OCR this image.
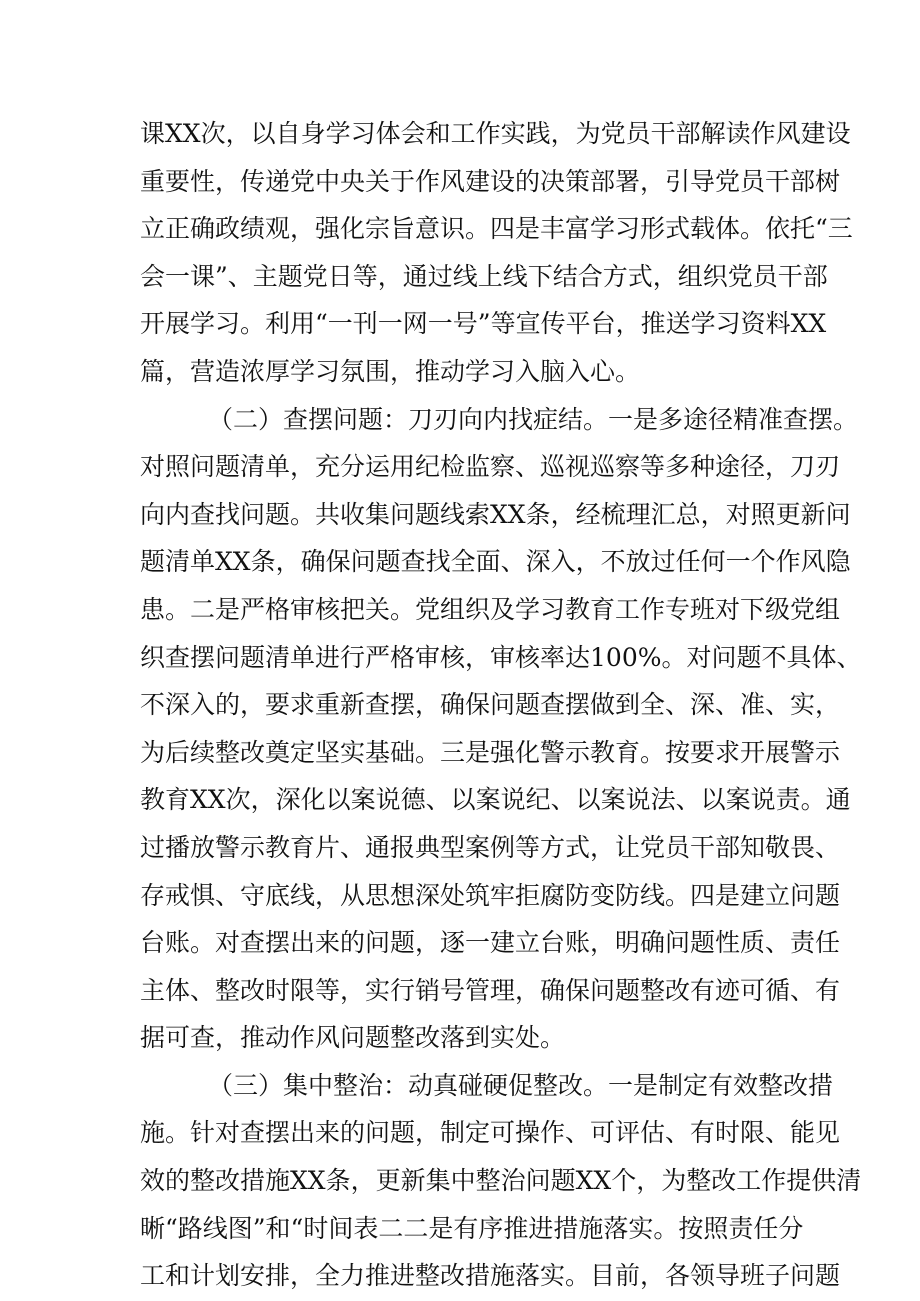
课XX次，以自身学习体会和工作实践，为党员干部解读作风建设
重要性，传递党中央关于作风建设的决策部署，引导党员干部树
立正确政绩观，强化宗旨意识。四是丰富学习形式载体。依托“三
会一课”、主题党日等，通过线上线下结合方式，组织党员干部
开展学习。利用“一刊一网一号”等宣传平台，推送学习资料XX
篇，营造浓厚学习氛围，推动学习入脑入心。
（二）查摆问题：刀刃向内找症结。一是多途径精准查摆。
对照问题清单，充分运用纪检监察、巡视巡察等多种途径，刀刃
向内查找问题。共收集问题线索XX条，经梳理汇总，对照更新问
题清单XX条，确保问题查找全面、深入，不放过任何一个作风隐
患。二是严格审核把关。党组织及学习教育工作专班对下级党组
织查摆问题清单进行严格审核，审核率达100%。对问题不具体、
不深入的，要求重新查摆，确保问题查摆做到全、深、准、实，
为后续整改奠定坚实基础。三是强化警示教育。按要求开展警示
教育XX次，深化以案说德、以案说纪、以案说法、以案说责。通
过播放警示教育片、通报典型案例等方式，让党员干部知敬畏、
存戒惧、守底线，从思想深处筑牢拒腐防变防线。四是建立问题
台账。对查摆出来的问题，逐一建立台账，明确问题性质、责任
主体、整改时限等，实行销号管理，确保问题整改有迹可循、有
据可查，推动作风问题整改落到实处。
（三）集中整治：动真碰硬促整改。一是制定有效整改措
施。针对查摆出来的问题，制定可操作、可评估、有时限、能见
效的整改措施XX条，更新集中整治问题XX个，为整改工作提供清
晰“路线图”和“时间表二二是有序推进措施落实。按照责任分
工和计划安排，全力推进整改措施落实。目前，各领导班子问题
